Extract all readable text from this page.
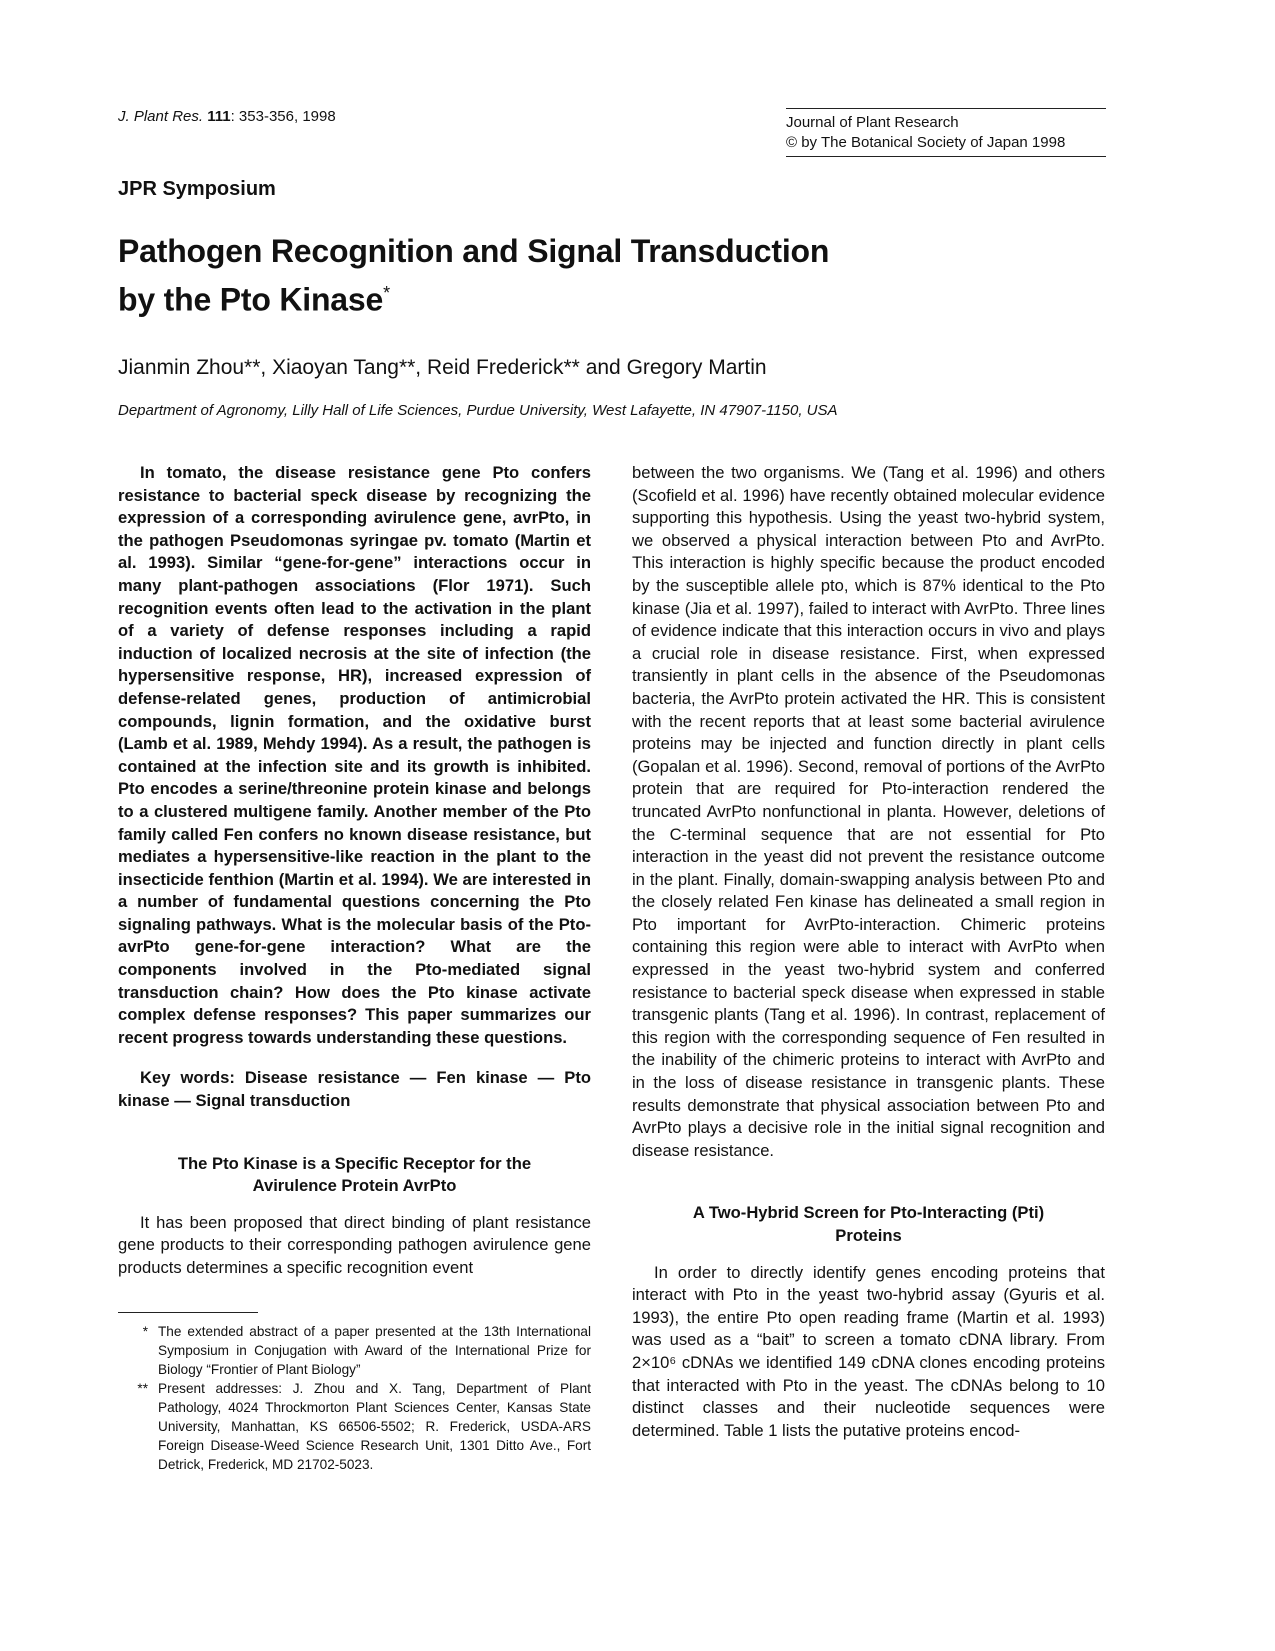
J. Plant Res. 111: 353-356, 1998	Journal of Plant Research
© by The Botanical Society of Japan 1998
JPR Symposium
Pathogen Recognition and Signal Transduction
by the Pto Kinase*
Jianmin Zhou**, Xiaoyan Tang**, Reid Frederick** and Gregory Martin
Department of Agronomy, Lilly Hall of Life Sciences, Purdue University, West Lafayette, IN 47907-1150, USA

In tomato, the disease resistance gene Pto confers resistance to bacterial speck disease by recognizing the expression of a corresponding avirulence gene, avrPto, in the pathogen Pseudomonas syringae pv. tomato (Martin et al. 1993). Similar “gene-for-gene” interactions occur in many plant-pathogen associations (Flor 1971). Such recognition events often lead to the activation in the plant of a variety of defense responses including a rapid induction of localized necrosis at the site of infection (the hypersensitive response, HR), increased expression of defense-related genes, production of antimicrobial compounds, lignin formation, and the oxidative burst (Lamb et al. 1989, Mehdy 1994). As a result, the pathogen is contained at the infection site and its growth is inhibited. Pto encodes a serine/threonine protein kinase and belongs to a clustered multigene family. Another member of the Pto family called Fen confers no known disease resistance, but mediates a hypersensitive-like reaction in the plant to the insecticide fenthion (Martin et al. 1994). We are interested in a number of fundamental questions concerning the Pto signaling pathways. What is the molecular basis of the Pto-avrPto gene-for-gene interaction? What are the components involved in the Pto-mediated signal transduction chain? How does the Pto kinase activate complex defense responses? This paper summarizes our recent progress towards understanding these questions.

Key words: Disease resistance — Fen kinase — Pto kinase — Signal transduction

The Pto Kinase is a Specific Receptor for the
Avirulence Protein AvrPto

It has been proposed that direct binding of plant resistance gene products to their corresponding pathogen avirulence gene products determines a specific recognition event

* The extended abstract of a paper presented at the 13th International Symposium in Conjugation with Award of the International Prize for Biology “Frontier of Plant Biology”
** Present addresses: J. Zhou and X. Tang, Department of Plant Pathology, 4024 Throckmorton Plant Sciences Center, Kansas State University, Manhattan, KS 66506-5502; R. Frederick, USDA-ARS Foreign Disease-Weed Science Research Unit, 1301 Ditto Ave., Fort Detrick, Frederick, MD 21702-5023.

between the two organisms. We (Tang et al. 1996) and others (Scofield et al. 1996) have recently obtained molecular evidence supporting this hypothesis. Using the yeast two-hybrid system, we observed a physical interaction between Pto and AvrPto. This interaction is highly specific because the product encoded by the susceptible allele pto, which is 87% identical to the Pto kinase (Jia et al. 1997), failed to interact with AvrPto. Three lines of evidence indicate that this interaction occurs in vivo and plays a crucial role in disease resistance. First, when expressed transiently in plant cells in the absence of the Pseudomonas bacteria, the AvrPto protein activated the HR. This is consistent with the recent reports that at least some bacterial avirulence proteins may be injected and function directly in plant cells (Gopalan et al. 1996). Second, removal of portions of the AvrPto protein that are required for Pto-interaction rendered the truncated AvrPto nonfunctional in planta. However, deletions of the C-terminal sequence that are not essential for Pto interaction in the yeast did not prevent the resistance outcome in the plant. Finally, domain-swapping analysis between Pto and the closely related Fen kinase has delineated a small region in Pto important for AvrPto-interaction. Chimeric proteins containing this region were able to interact with AvrPto when expressed in the yeast two-hybrid system and conferred resistance to bacterial speck disease when expressed in stable transgenic plants (Tang et al. 1996). In contrast, replacement of this region with the corresponding sequence of Fen resulted in the inability of the chimeric proteins to interact with AvrPto and in the loss of disease resistance in transgenic plants. These results demonstrate that physical association between Pto and AvrPto plays a decisive role in the initial signal recognition and disease resistance.

A Two-Hybrid Screen for Pto-Interacting (Pti)
Proteins

In order to directly identify genes encoding proteins that interact with Pto in the yeast two-hybrid assay (Gyuris et al. 1993), the entire Pto open reading frame (Martin et al. 1993) was used as a “bait” to screen a tomato cDNA library. From 2×10⁶ cDNAs we identified 149 cDNA clones encoding proteins that interacted with Pto in the yeast. The cDNAs belong to 10 distinct classes and their nucleotide sequences were determined. Table 1 lists the putative proteins encod-
